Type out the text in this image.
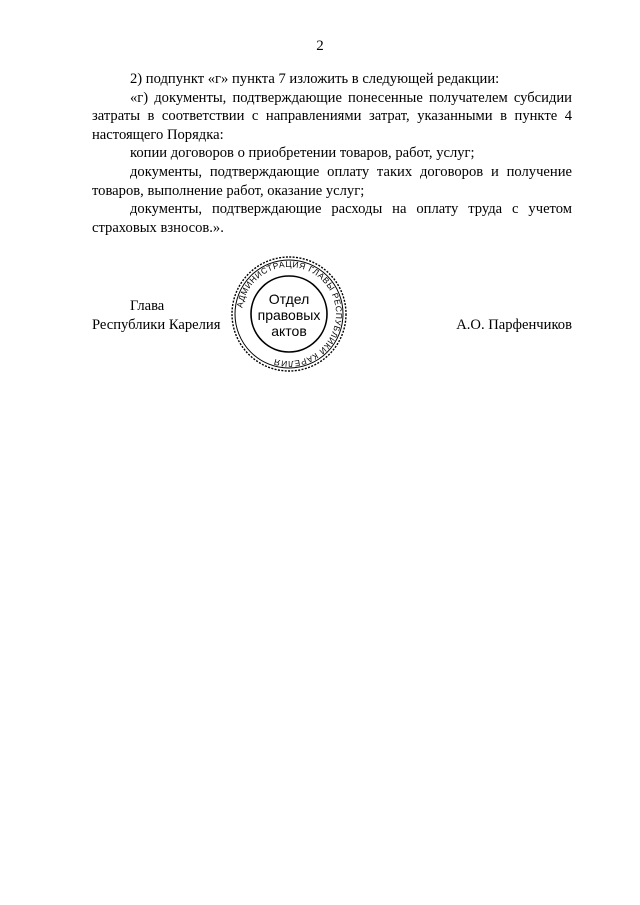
2

2) подпункт «г» пункта 7 изложить в следующей редакции:

«г) документы, подтверждающие понесенные получателем субсидии затраты в соответствии с направлениями затрат, указанными в пункте 4 настоящего Порядка:

копии договоров о приобретении товаров, работ, услуг;

документы, подтверждающие оплату таких договоров и получение товаров, выполнение работ, оказание услуг;

документы, подтверждающие расходы на оплату труда с учетом страховых взносов.».

Глава
Республики Карелия	А.О. Парфенчиков
АДМИНИСТРАЦИЯ ГЛАВЫ РЕСПУБЛИКИ КАРЕЛИЯ
Отдел
правовых
актов
